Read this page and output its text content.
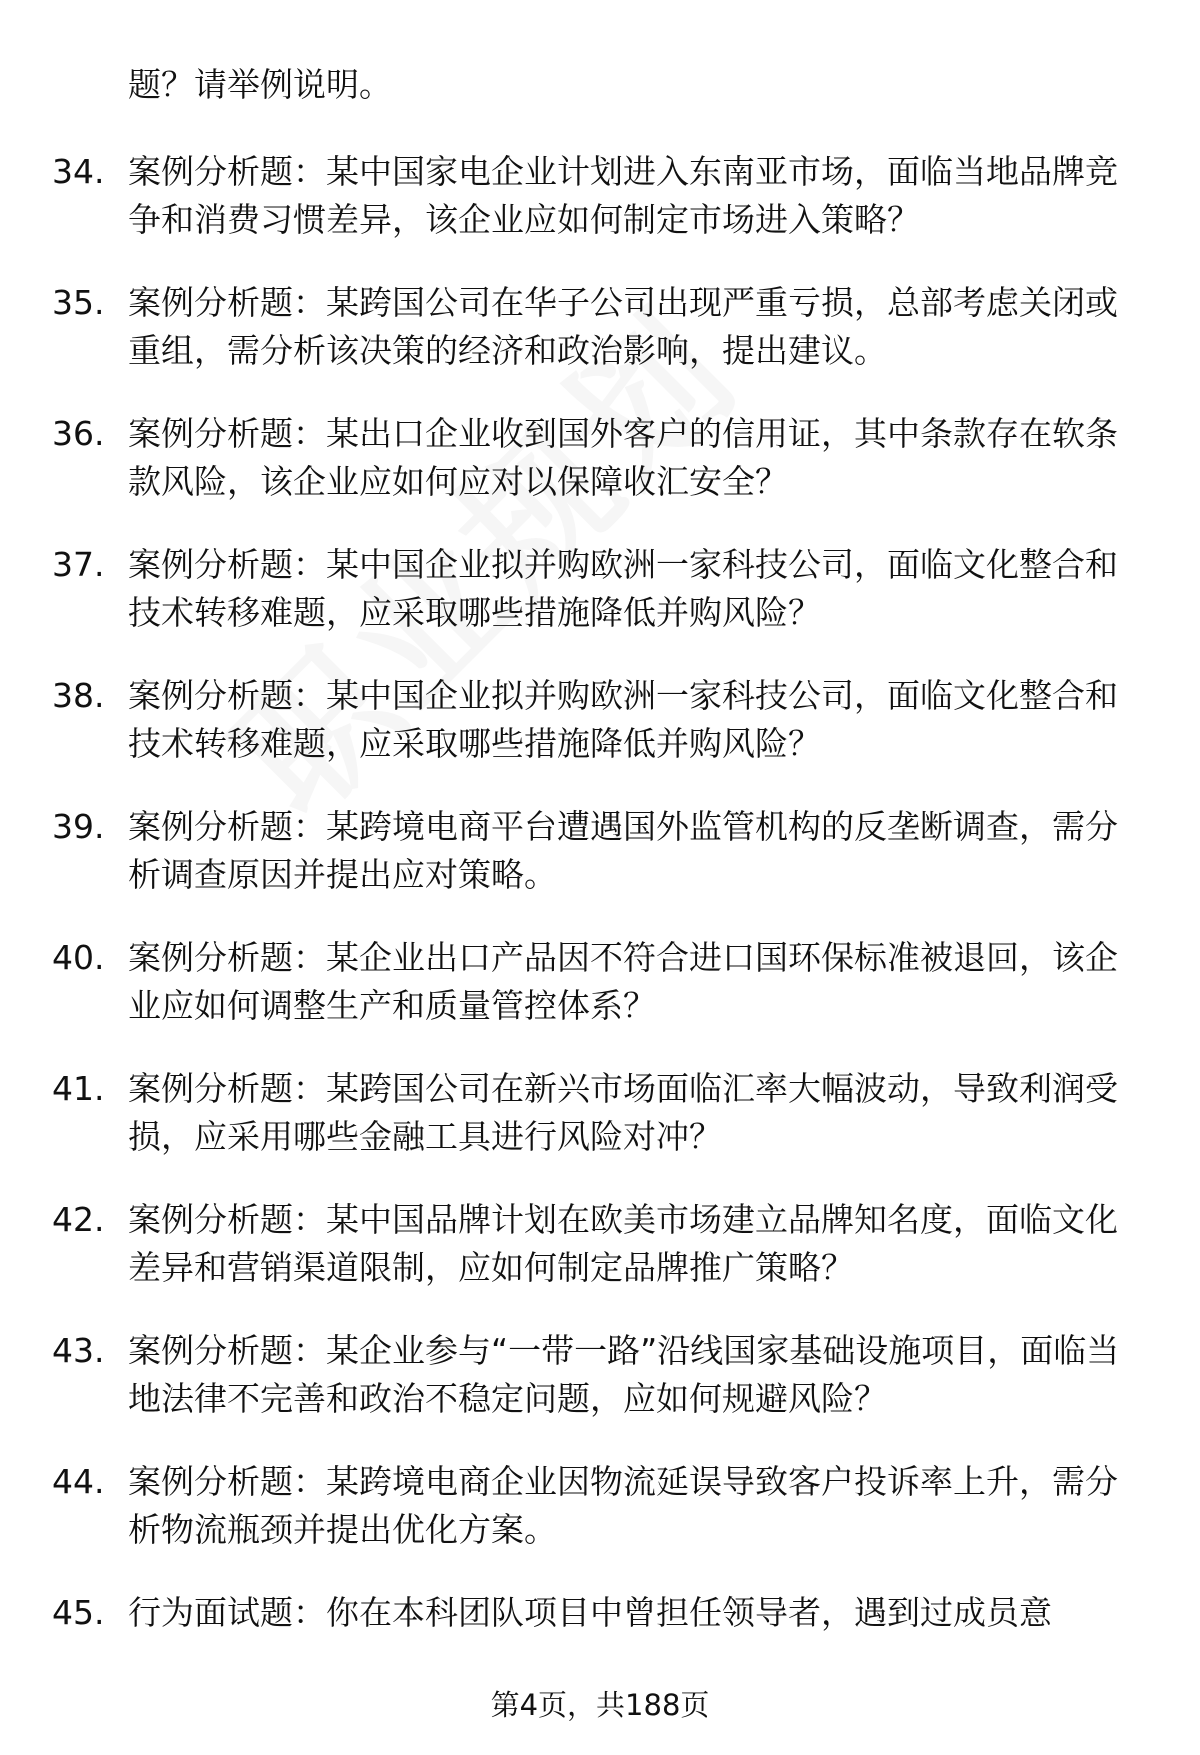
题？请举例说明。
34. 案例分析题：某中国家电企业计划进入东南亚市场，面临当地品牌竞争和消费习惯差异，该企业应如何制定市场进入策略？
35. 案例分析题：某跨国公司在华子公司出现严重亏损，总部考虑关闭或重组，需分析该决策的经济和政治影响，提出建议。
36. 案例分析题：某出口企业收到国外客户的信用证，其中条款存在软条款风险，该企业应如何应对以保障收汇安全？
37. 案例分析题：某中国企业拟并购欧洲一家科技公司，面临文化整合和技术转移难题，应采取哪些措施降低并购风险？
38. 案例分析题：某中国企业拟并购欧洲一家科技公司，面临文化整合和技术转移难题，应采取哪些措施降低并购风险？
39. 案例分析题：某跨境电商平台遭遇国外监管机构的反垄断调查，需分析调查原因并提出应对策略。
40. 案例分析题：某企业出口产品因不符合进口国环保标准被退回，该企业应如何调整生产和质量管控体系？
41. 案例分析题：某跨国公司在新兴市场面临汇率大幅波动，导致利润受损，应采用哪些金融工具进行风险对冲？
42. 案例分析题：某中国品牌计划在欧美市场建立品牌知名度，面临文化差异和营销渠道限制，应如何制定品牌推广策略？
43. 案例分析题：某企业参与“一带一路”沿线国家基础设施项目，面临当地法律不完善和政治不稳定问题，应如何规避风险？
44. 案例分析题：某跨境电商企业因物流延误导致客户投诉率上升，需分析物流瓶颈并提出优化方案。
45. 行为面试题：你在本科团队项目中曾担任领导者，遇到过成员意
第4页，共188页
